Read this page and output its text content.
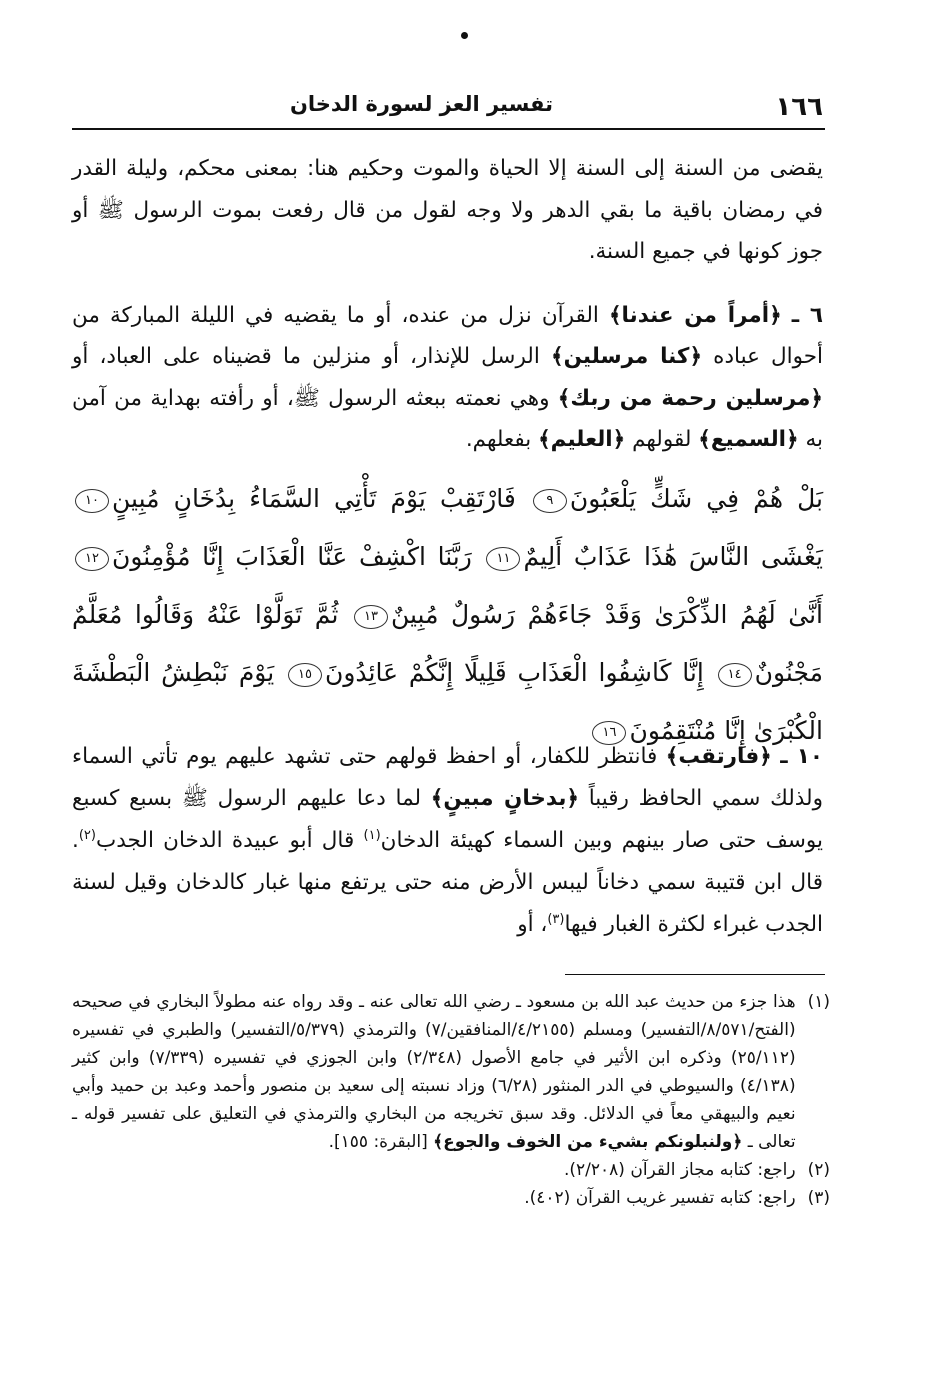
١٦٦
تفسير العز لسورة الدخان

يقضى من السنة إلى السنة إلا الحياة والموت وحكيم هنا: بمعنى محكم، وليلة القدر في رمضان باقية ما بقي الدهر ولا وجه لقول من قال رفعت بموت الرسول ﷺ أو جوز كونها في جميع السنة.

٦ ـ ﴿أمراً من عندنا﴾ القرآن نزل من عنده، أو ما يقضيه في الليلة المباركة من أحوال عباده ﴿كنا مرسلين﴾ الرسل للإنذار، أو منزلين ما قضيناه على العباد، أو ﴿مرسلين رحمة من ربك﴾ وهي نعمته ببعثه الرسول ﷺ، أو رأفته بهداية من آمن به ﴿السميع﴾ لقولهم ﴿العليم﴾ بفعلهم.

بَلْ هُمْ فِي شَكٍّ يَلْعَبُونَ٩ فَارْتَقِبْ يَوْمَ تَأْتِي السَّمَاءُ بِدُخَانٍ مُبِينٍ١٠ يَغْشَى النَّاسَ هَٰذَا عَذَابٌ أَلِيمٌ١١ رَبَّنَا اكْشِفْ عَنَّا الْعَذَابَ إِنَّا مُؤْمِنُونَ١٢ أَنَّىٰ لَهُمُ الذِّكْرَىٰ وَقَدْ جَاءَهُمْ رَسُولٌ مُبِينٌ١٣ ثُمَّ تَوَلَّوْا عَنْهُ وَقَالُوا مُعَلَّمٌ مَجْنُونٌ١٤ إِنَّا كَاشِفُوا الْعَذَابِ قَلِيلًا إِنَّكُمْ عَائِدُونَ١٥ يَوْمَ نَبْطِشُ الْبَطْشَةَ الْكُبْرَىٰ إِنَّا مُنْتَقِمُونَ١٦

١٠ ـ ﴿فارتقب﴾ فانتظر للكفار، أو احفظ قولهم حتى تشهد عليهم يوم تأتي السماء ولذلك سمي الحافظ رقيباً ﴿بدخانٍ مبينٍ﴾ لما دعا عليهم الرسول ﷺ بسبع كسبع يوسف حتى صار بينهم وبين السماء كهيئة الدخان$^{(١)}$ قال أبو عبيدة الدخان الجدب$^{(٢)}$. قال ابن قتيبة سمي دخاناً ليبس الأرض منه حتى يرتفع منها غبار كالدخان وقيل لسنة الجدب غبراء لكثرة الغبار فيها$^{(٣)}$، أو

(١)
هذا جزء من حديث عبد الله بن مسعود ـ رضي الله تعالى عنه ـ وقد رواه عنه مطولاً البخاري في صحيحه (الفتح/٨/٥٧١/التفسير) ومسلم (٤/٢١٥٥/المنافقين/٧) والترمذي (٥/٣٧٩/التفسير) والطبري في تفسيره (٢٥/١١٢) وذكره ابن الأثير في جامع الأصول (٢/٣٤٨) وابن الجوزي في تفسيره (٧/٣٣٩) وابن كثير (٤/١٣٨) والسيوطي في الدر المنثور (٦/٢٨) وزاد نسبته إلى سعيد بن منصور وأحمد وعبد بن حميد وأبي نعيم والبيهقي معاً في الدلائل. وقد سبق تخريجه من البخاري والترمذي في التعليق على تفسير قوله ـ تعالى ـ ﴿ولنبلونكم بشيء من الخوف والجوع﴾ [البقرة: ١٥٥].
(٢)
راجع: كتابه مجاز القرآن (٢/٢٠٨).
(٣)
راجع: كتابه تفسير غريب القرآن (٤٠٢).
